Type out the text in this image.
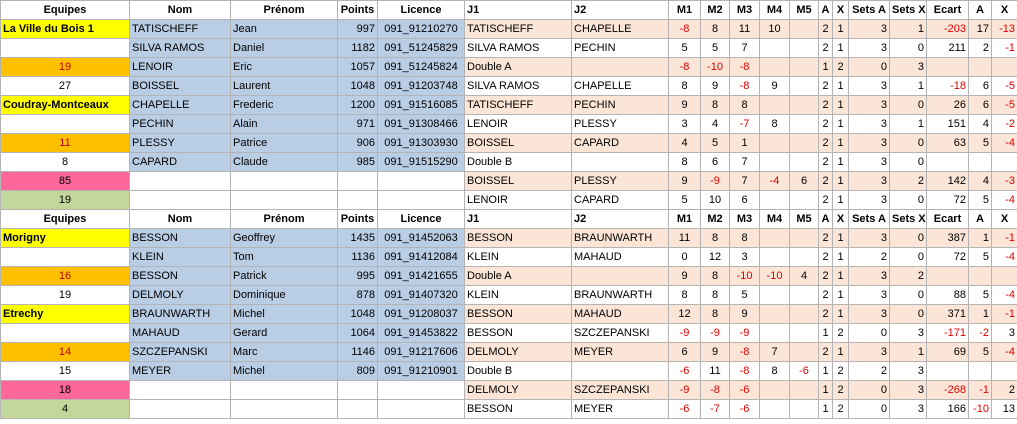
Equipes	Nom	Prénom	Points	Licence	J1	J2	M1	M2	M3	M4	M5	A	X	Sets A	Sets X	Ecart	A	X
La Ville du Bois 1	TATISCHEFF	Jean	997	091_91210270	TATISCHEFF	CHAPELLE	-8	8	11	10		2	1	3	1	-203	17	-13
	SILVA RAMOS	Daniel	1182	091_51245829	SILVA RAMOS	PECHIN	5	5	7			2	1	3	0	211	2	-1
19	LENOIR	Eric	1057	091_51245824	Double A		-8	-10	-8			1	2	0	3			
27	BOISSEL	Laurent	1048	091_91203748	SILVA RAMOS	CHAPELLE	8	9	-8	9		2	1	3	1	-18	6	-5
Coudray-Montceaux	CHAPELLE	Frederic	1200	091_91516085	TATISCHEFF	PECHIN	9	8	8			2	1	3	0	26	6	-5
	PECHIN	Alain	971	091_91308466	LENOIR	PLESSY	3	4	-7	8		2	1	3	1	151	4	-2
11	PLESSY	Patrice	906	091_91303930	BOISSEL	CAPARD	4	5	1			2	1	3	0	63	5	-4
8	CAPARD	Claude	985	091_91515290	Double B		8	6	7			2	1	3	0			
85					BOISSEL	PLESSY	9	-9	7	-4	6	2	1	3	2	142	4	-3
19					LENOIR	CAPARD	5	10	6			2	1	3	0	72	5	-4
Equipes	Nom	Prénom	Points	Licence	J1	J2	M1	M2	M3	M4	M5	A	X	Sets A	Sets X	Ecart	A	X
Morigny	BESSON	Geoffrey	1435	091_91452063	BESSON	BRAUNWARTH	11	8	8			2	1	3	0	387	1	-1
	KLEIN	Tom	1136	091_91412084	KLEIN	MAHAUD	0	12	3			2	1	2	0	72	5	-4
16	BESSON	Patrick	995	091_91421655	Double A		9	8	-10	-10	4	2	1	3	2			
19	DELMOLY	Dominique	878	091_91407320	KLEIN	BRAUNWARTH	8	8	5			2	1	3	0	88	5	-4
Etrechy	BRAUNWARTH	Michel	1048	091_91208037	BESSON	MAHAUD	12	8	9			2	1	3	0	371	1	-1
	MAHAUD	Gerard	1064	091_91453822	BESSON	SZCZEPANSKI	-9	-9	-9			1	2	0	3	-171	-2	3
14	SZCZEPANSKI	Marc	1146	091_91217606	DELMOLY	MEYER	6	9	-8	7		2	1	3	1	69	5	-4
15	MEYER	Michel	809	091_91210901	Double B		-6	11	-8	8	-6	1	2	2	3			
18					DELMOLY	SZCZEPANSKI	-9	-8	-6			1	2	0	3	-268	-1	2
4					BESSON	MEYER	-6	-7	-6			1	2	0	3	166	-10	13
